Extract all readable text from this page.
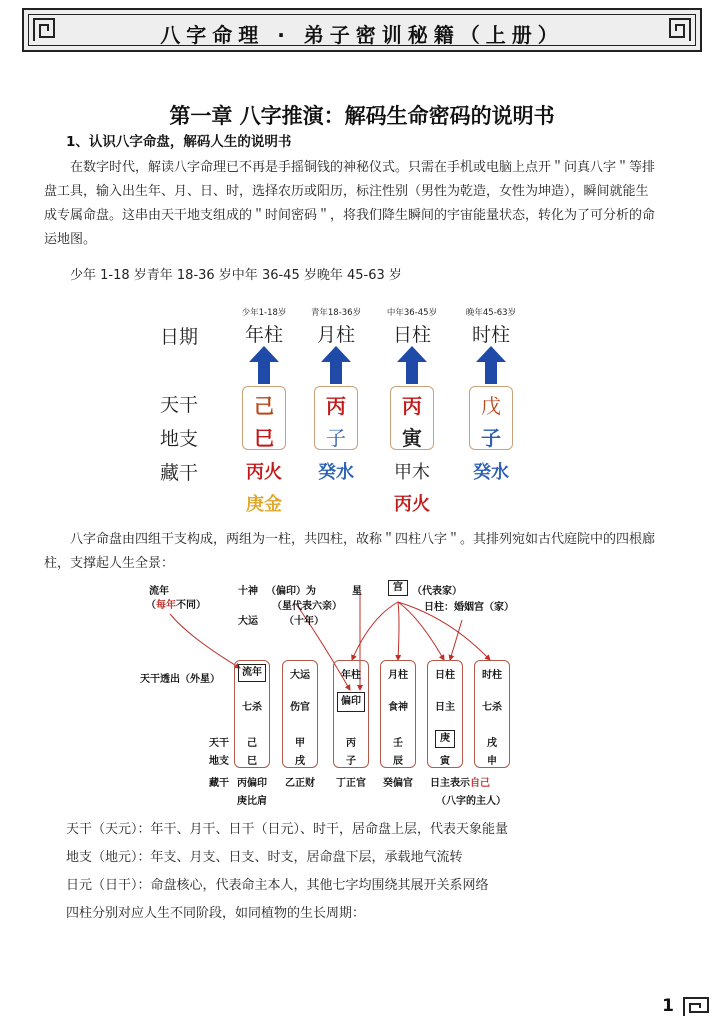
八字命理 · 弟子密训秘籍（上册）
第一章 八字推演：解码生命密码的说明书
1、认识八字命盘，解码人生的说明书
在数字时代，解读八字命理已不再是手摇铜钱的神秘仪式。只需在手机或电脑上点开＂问真八字＂等排盘工具，输入出生年、月、日、时，选择农历或阳历，标注性别（男性为乾造，女性为坤造），瞬间就能生成专属命盘。这串由天干地支组成的＂时间密码＂，将我们降生瞬间的宇宙能量状态，转化为了可分析的命运地图。
少年 1-18 岁青年 18-36 岁中年 36-45 岁晚年 45-63 岁
日期
天干
地支
藏干
少年1-18岁
年柱
己
巳
丙火
庚金
青年18-36岁
月柱
丙
子
癸水
中年36-45岁
日柱
丙
寅
甲木
丙火
晚年45-63岁
时柱
戊
子
癸水
八字命盘由四组干支构成，两组为一柱，共四柱，故称＂四柱八字＂。其排列宛如古代庭院中的四根廊柱，支撑起人生全景：
流年
（每年不同）
十神 （偏印）为
（星代表六亲）
大运	（十年）
星	宫 （代表家）
日柱：婚姻宫（家）
天干透出（外星）
天干
地支
藏干
流年
七杀
己
巳
丙偏印
庚比肩
大运
伤官
甲
戌
乙正财
年柱
偏印
丙
子
丁正官
月柱
食神
壬
辰
癸偏官
日柱
日主
庚
寅
时柱
七杀
戌
申
日主表示自己
（八字的主人）
天干（天元）：年干、月干、日干（日元）、时干，居命盘上层，代表天象能量
地支（地元）：年支、月支、日支、时支，居命盘下层，承载地气流转
日元（日干）：命盘核心，代表命主本人，其他七字均围绕其展开关系网络
四柱分别对应人生不同阶段，如同植物的生长周期：
1
